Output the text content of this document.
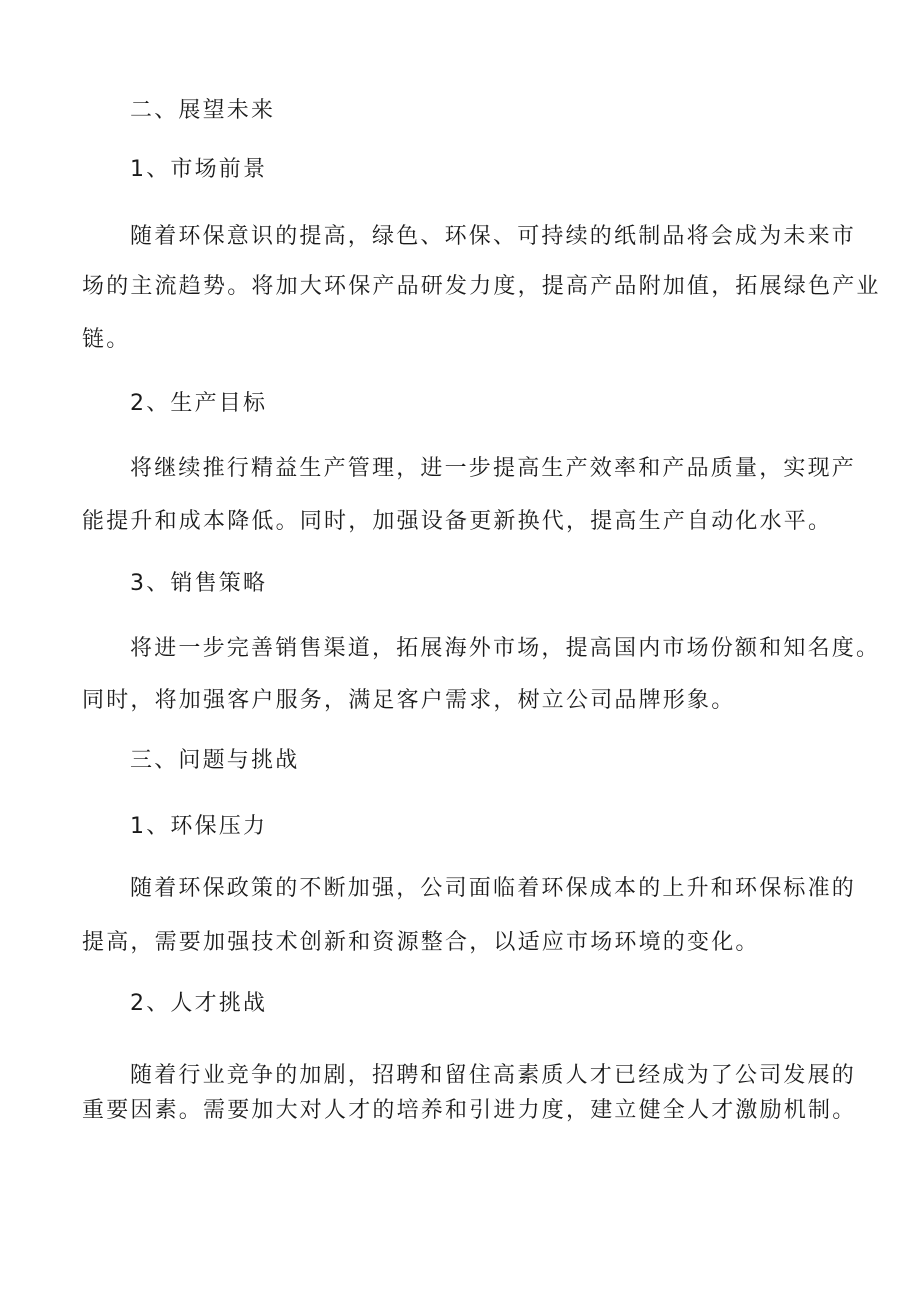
二、展望未来
1、市场前景
随着环保意识的提高，绿色、环保、可持续的纸制品将会成为未来市
场的主流趋势。将加大环保产品研发力度，提高产品附加值，拓展绿色产业
链。
2、生产目标
将继续推行精益生产管理，进一步提高生产效率和产品质量，实现产
能提升和成本降低。同时，加强设备更新换代，提高生产自动化水平。
3、销售策略
将进一步完善销售渠道，拓展海外市场，提高国内市场份额和知名度。
同时，将加强客户服务，满足客户需求，树立公司品牌形象。
三、问题与挑战
1、环保压力
随着环保政策的不断加强，公司面临着环保成本的上升和环保标准的
提高，需要加强技术创新和资源整合，以适应市场环境的变化。
2、人才挑战
随着行业竞争的加剧，招聘和留住高素质人才已经成为了公司发展的
重要因素。需要加大对人才的培养和引进力度，建立健全人才激励机制。
